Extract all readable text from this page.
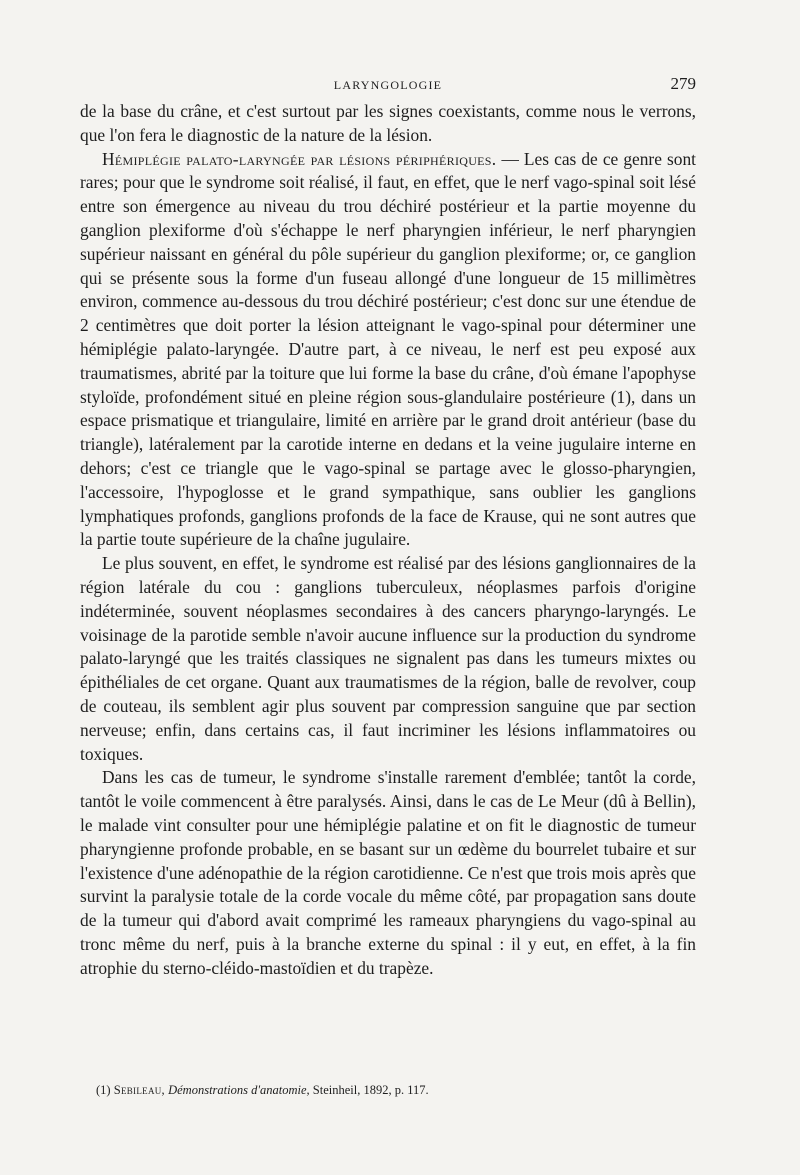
LARYNGOLOGIE	279

de la base du crâne, et c'est surtout par les signes coexistants, comme nous le verrons, que l'on fera le diagnostic de la nature de la lésion.

Hémiplégie palato-laryngée par lésions périphériques. — Les cas de ce genre sont rares; pour que le syndrome soit réalisé, il faut, en effet, que le nerf vago-spinal soit lésé entre son émergence au niveau du trou déchiré postérieur et la partie moyenne du ganglion plexiforme d'où s'échappe le nerf pharyngien inférieur, le nerf pharyngien supérieur naissant en général du pôle supérieur du ganglion plexiforme; or, ce ganglion qui se présente sous la forme d'un fuseau allongé d'une longueur de 15 millimètres environ, commence au-dessous du trou déchiré postérieur; c'est donc sur une étendue de 2 centimètres que doit porter la lésion atteignant le vago-spinal pour déterminer une hémiplégie palato-laryngée. D'autre part, à ce niveau, le nerf est peu exposé aux traumatismes, abrité par la toiture que lui forme la base du crâne, d'où émane l'apophyse styloïde, profondément situé en pleine région sous-glandulaire postérieure (1), dans un espace prismatique et triangulaire, limité en arrière par le grand droit antérieur (base du triangle), latéralement par la carotide interne en dedans et la veine jugulaire interne en dehors; c'est ce triangle que le vago-spinal se partage avec le glosso-pharyngien, l'accessoire, l'hypoglosse et le grand sympathique, sans oublier les ganglions lymphatiques profonds, ganglions profonds de la face de Krause, qui ne sont autres que la partie toute supérieure de la chaîne jugulaire.

Le plus souvent, en effet, le syndrome est réalisé par des lésions ganglionnaires de la région latérale du cou : ganglions tuberculeux, néoplasmes parfois d'origine indéterminée, souvent néoplasmes secondaires à des cancers pharyngo-laryngés. Le voisinage de la parotide semble n'avoir aucune influence sur la production du syndrome palato-laryngé que les traités classiques ne signalent pas dans les tumeurs mixtes ou épithéliales de cet organe. Quant aux traumatismes de la région, balle de revolver, coup de couteau, ils semblent agir plus souvent par compression sanguine que par section nerveuse; enfin, dans certains cas, il faut incriminer les lésions inflammatoires ou toxiques.

Dans les cas de tumeur, le syndrome s'installe rarement d'emblée; tantôt la corde, tantôt le voile commencent à être paralysés. Ainsi, dans le cas de Le Meur (dû à Bellin), le malade vint consulter pour une hémiplégie palatine et on fit le diagnostic de tumeur pharyngienne profonde probable, en se basant sur un œdème du bourrelet tubaire et sur l'existence d'une adénopathie de la région carotidienne. Ce n'est que trois mois après que survint la paralysie totale de la corde vocale du même côté, par propagation sans doute de la tumeur qui d'abord avait comprimé les rameaux pharyngiens du vago-spinal au tronc même du nerf, puis à la branche externe du spinal : il y eut, en effet, à la fin atrophie du sterno-cléido-mastoïdien et du trapèze.

(1) Sebileau, Démonstrations d'anatomie, Steinheil, 1892, p. 117.
